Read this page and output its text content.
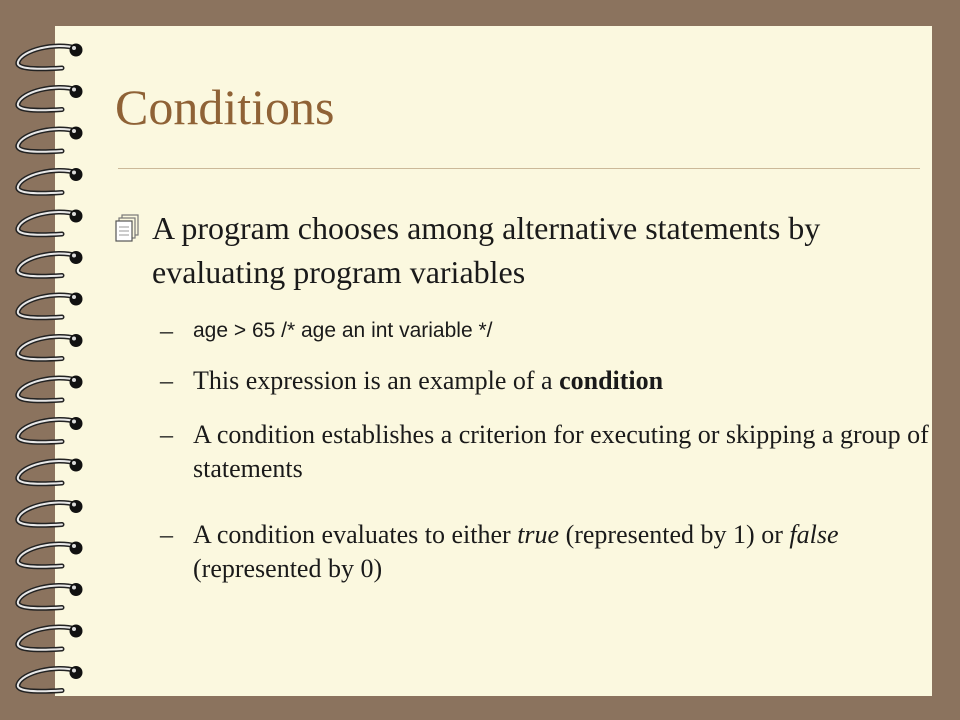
Conditions

A program chooses among alternative statements by evaluating program variables

– age > 65 /* age an int variable */
– This expression is an example of a condition
– A condition establishes a criterion for executing or skipping a group of statements
– A condition evaluates to either true (represented by 1) or false (represented by 0)
